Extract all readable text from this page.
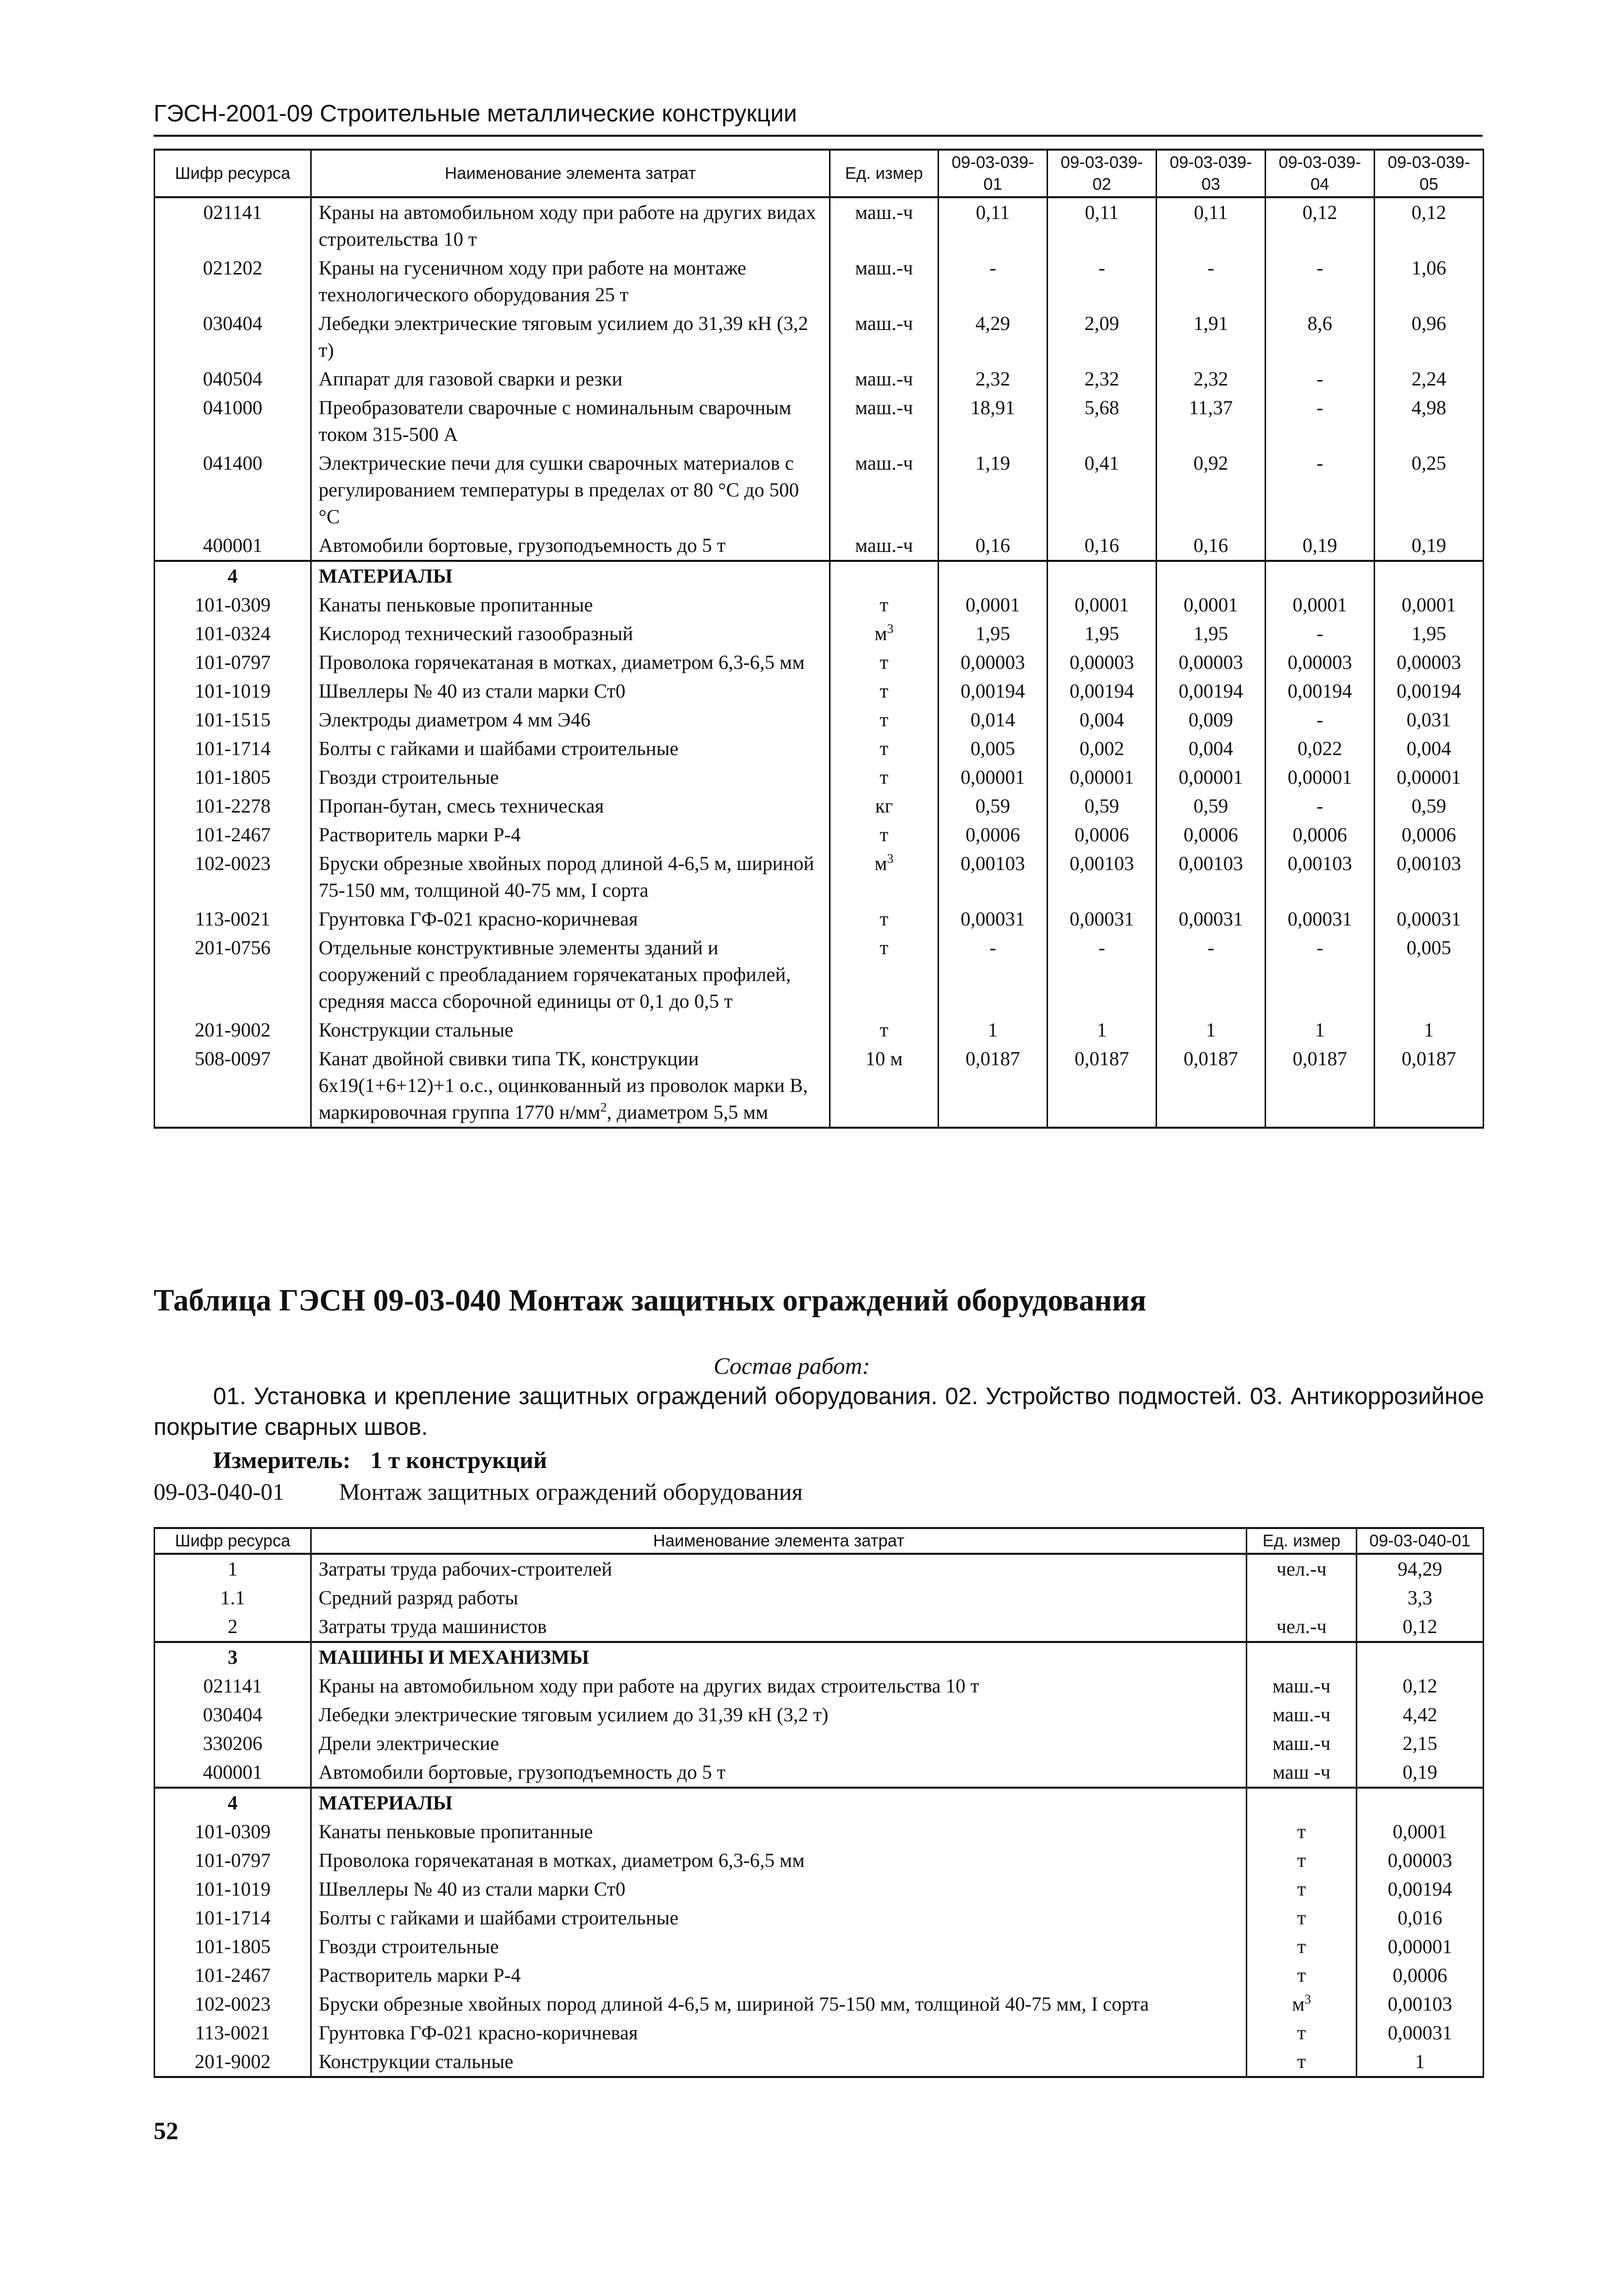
ГЭСН-2001-09 Строительные металлические конструкции
Шифр ресурса	Наименование элемента затрат	Ед. измер	09-03-039-01	09-03-039-02	09-03-039-03	09-03-039-04	09-03-039-05
021141	Краны на автомобильном ходу при работе на других видах строительства 10 т	маш.-ч	0,11	0,11	0,11	0,12	0,12
021202	Краны на гусеничном ходу при работе на монтаже технологического оборудования 25 т	маш.-ч	-	-	-	-	1,06
030404	Лебедки электрические тяговым усилием до 31,39 кН (3,2 т)	маш.-ч	4,29	2,09	1,91	8,6	0,96
040504	Аппарат для газовой сварки и резки	маш.-ч	2,32	2,32	2,32	-	2,24
041000	Преобразователи сварочные с номинальным сварочным током 315-500 А	маш.-ч	18,91	5,68	11,37	-	4,98
041400	Электрические печи для сушки сварочных материалов с регулированием температуры в пределах от 80 °С до 500 °С	маш.-ч	1,19	0,41	0,92	-	0,25
400001	Автомобили бортовые, грузоподъемность до 5 т	маш.-ч	0,16	0,16	0,16	0,19	0,19
4	МАТЕРИАЛЫ						
101-0309	Канаты пеньковые пропитанные	т	0,0001	0,0001	0,0001	0,0001	0,0001
101-0324	Кислород технический газообразный	$м^3$	1,95	1,95	1,95	-	1,95
101-0797	Проволока горячекатаная в мотках, диаметром 6,3-6,5 мм	т	0,00003	0,00003	0,00003	0,00003	0,00003
101-1019	Швеллеры № 40 из стали марки Ст0	т	0,00194	0,00194	0,00194	0,00194	0,00194
101-1515	Электроды диаметром 4 мм Э46	т	0,014	0,004	0,009	-	0,031
101-1714	Болты с гайками и шайбами строительные	т	0,005	0,002	0,004	0,022	0,004
101-1805	Гвозди строительные	т	0,00001	0,00001	0,00001	0,00001	0,00001
101-2278	Пропан-бутан, смесь техническая	кг	0,59	0,59	0,59	-	0,59
101-2467	Растворитель марки Р-4	т	0,0006	0,0006	0,0006	0,0006	0,0006
102-0023	Бруски обрезные хвойных пород длиной 4-6,5 м, шириной 75-150 мм, толщиной 40-75 мм, I сорта	$м^3$	0,00103	0,00103	0,00103	0,00103	0,00103
113-0021	Грунтовка ГФ-021 красно-коричневая	т	0,00031	0,00031	0,00031	0,00031	0,00031
201-0756	Отдельные конструктивные элементы зданий и сооружений с преобладанием горячекатаных профилей, средняя масса сборочной единицы от 0,1 до 0,5 т	т	-	-	-	-	0,005
201-9002	Конструкции стальные	т	1	1	1	1	1
508-0097	Канат двойной свивки типа ТК, конструкции 6х19(1+6+12)+1 о.с., оцинкованный из проволок марки В, маркировочная группа 1770 $н/мм^2$, диаметром 5,5 мм	10 м	0,0187	0,0187	0,0187	0,0187	0,0187
Таблица ГЭСН 09-03-040 Монтаж защитных ограждений оборудования
Состав работ:
01. Установка и крепление защитных ограждений оборудования. 02. Устройство подмостей. 03. Антикоррозийное покрытие сварных швов.
Измеритель: 1 т конструкций
09-03-040-01 Монтаж защитных ограждений оборудования
Шифр ресурса	Наименование элемента затрат	Ед. измер	09-03-040-01
1	Затраты труда рабочих-строителей	чел.-ч	94,29
1.1	Средний разряд работы		3,3
2	Затраты труда машинистов	чел.-ч	0,12
3	МАШИНЫ И МЕХАНИЗМЫ		
021141	Краны на автомобильном ходу при работе на других видах строительства 10 т	маш.-ч	0,12
030404	Лебедки электрические тяговым усилием до 31,39 кН (3,2 т)	маш.-ч	4,42
330206	Дрели электрические	маш.-ч	2,15
400001	Автомобили бортовые, грузоподъемность до 5 т	маш -ч	0,19
4	МАТЕРИАЛЫ		
101-0309	Канаты пеньковые пропитанные	т	0,0001
101-0797	Проволока горячекатаная в мотках, диаметром 6,3-6,5 мм	т	0,00003
101-1019	Швеллеры № 40 из стали марки Ст0	т	0,00194
101-1714	Болты с гайками и шайбами строительные	т	0,016
101-1805	Гвозди строительные	т	0,00001
101-2467	Растворитель марки Р-4	т	0,0006
102-0023	Бруски обрезные хвойных пород длиной 4-6,5 м, шириной 75-150 мм, толщиной 40-75 мм, I сорта	$м^3$	0,00103
113-0021	Грунтовка ГФ-021 красно-коричневая	т	0,00031
201-9002	Конструкции стальные	т	1
52
